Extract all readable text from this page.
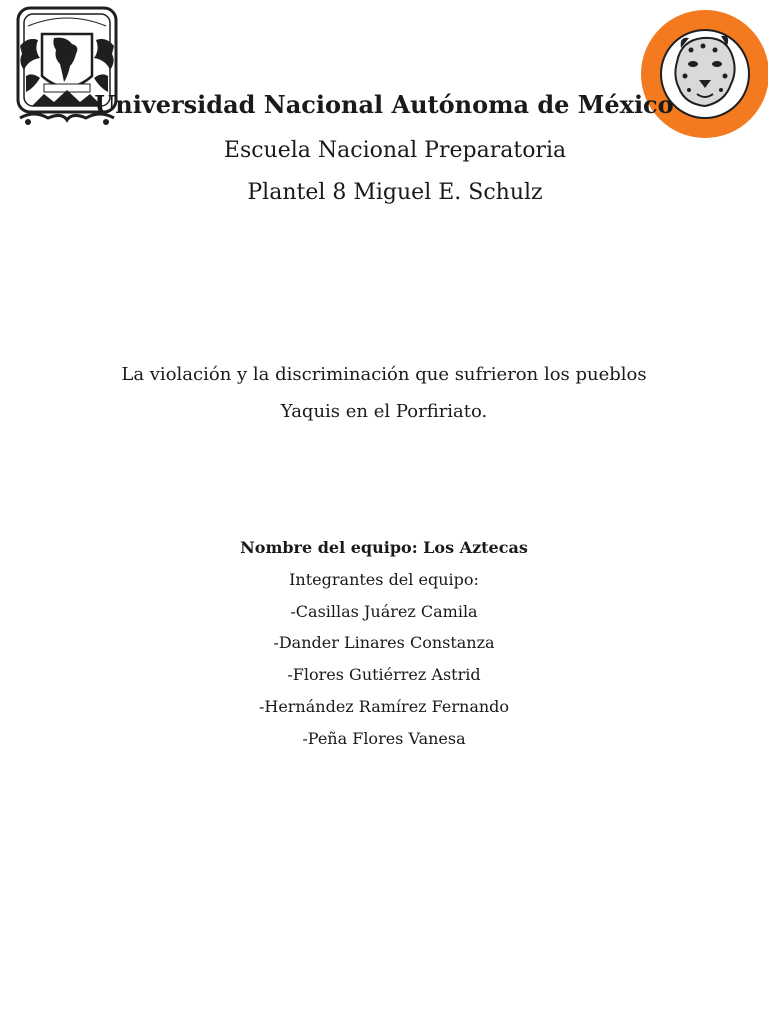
Universidad Nacional Autónoma de México
Escuela Nacional Preparatoria
Plantel 8 Miguel E. Schulz
La violación y la discriminación que sufrieron los pueblos
Yaquis en el Porfiriato.
Nombre del equipo: Los Aztecas
Integrantes del equipo:
-Casillas Juárez Camila
-Dander Linares Constanza
-Flores Gutiérrez Astrid
-Hernández Ramírez Fernando
-Peña Flores Vanesa
